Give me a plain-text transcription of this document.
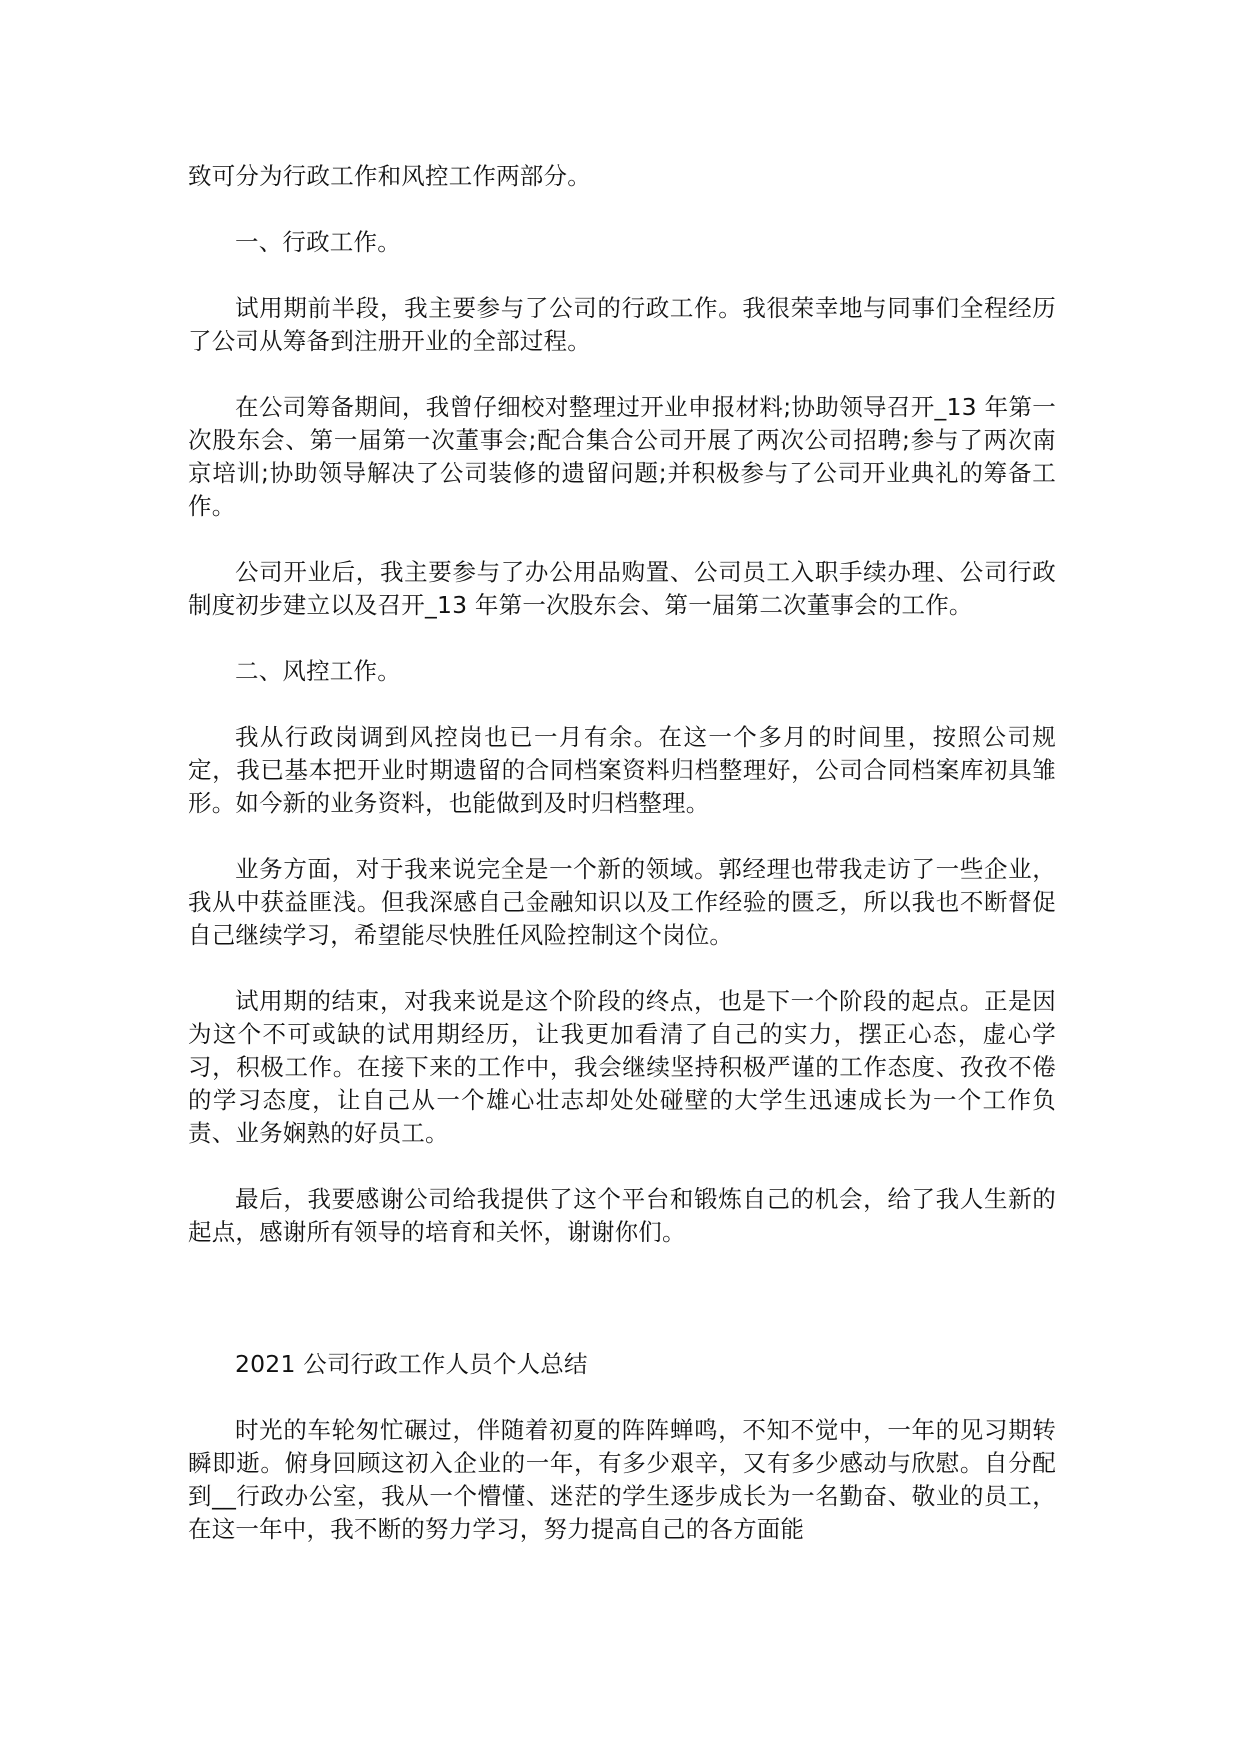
致可分为行政工作和风控工作两部分。

一、行政工作。

试用期前半段，我主要参与了公司的行政工作。我很荣幸地与同事们全程经历了公司从筹备到注册开业的全部过程。

在公司筹备期间，我曾仔细校对整理过开业申报材料;协助领导召开_13 年第一次股东会、第一届第一次董事会;配合集合公司开展了两次公司招聘;参与了两次南京培训;协助领导解决了公司装修的遗留问题;并积极参与了公司开业典礼的筹备工作。

公司开业后，我主要参与了办公用品购置、公司员工入职手续办理、公司行政制度初步建立以及召开_13 年第一次股东会、第一届第二次董事会的工作。

二、风控工作。

我从行政岗调到风控岗也已一月有余。在这一个多月的时间里，按照公司规定，我已基本把开业时期遗留的合同档案资料归档整理好，公司合同档案库初具雏形。如今新的业务资料，也能做到及时归档整理。

业务方面，对于我来说完全是一个新的领域。郭经理也带我走访了一些企业，我从中获益匪浅。但我深感自己金融知识以及工作经验的匮乏，所以我也不断督促自己继续学习，希望能尽快胜任风险控制这个岗位。

试用期的结束，对我来说是这个阶段的终点，也是下一个阶段的起点。正是因为这个不可或缺的试用期经历，让我更加看清了自己的实力，摆正心态，虚心学习，积极工作。在接下来的工作中，我会继续坚持积极严谨的工作态度、孜孜不倦的学习态度，让自己从一个雄心壮志却处处碰壁的大学生迅速成长为一个工作负责、业务娴熟的好员工。

最后，我要感谢公司给我提供了这个平台和锻炼自己的机会，给了我人生新的起点，感谢所有领导的培育和关怀，谢谢你们。

2021 公司行政工作人员个人总结

时光的车轮匆忙碾过，伴随着初夏的阵阵蝉鸣，不知不觉中，一年的见习期转瞬即逝。俯身回顾这初入企业的一年，有多少艰辛，又有多少感动与欣慰。自分配到__行政办公室，我从一个懵懂、迷茫的学生逐步成长为一名勤奋、敬业的员工，在这一年中，我不断的努力学习，努力提高自己的各方面能
